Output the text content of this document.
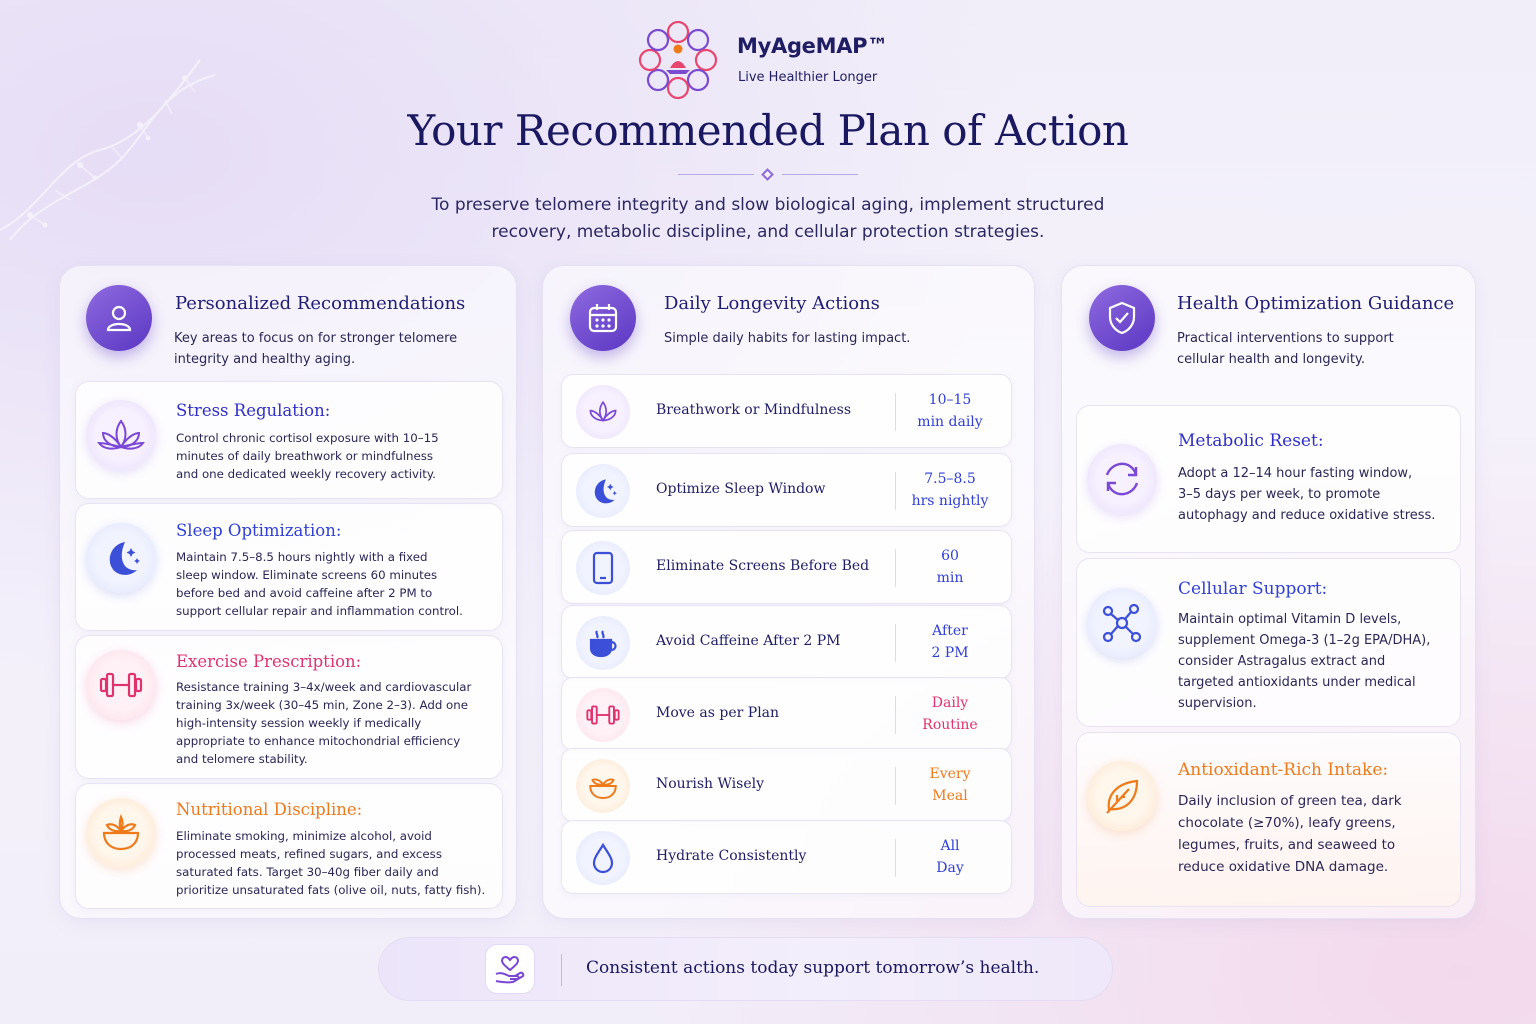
MyAgeMAP™
Live Healthier Longer
Your Recommended Plan of Action
To preserve telomere integrity and slow biological aging, implement structured
recovery, metabolic discipline, and cellular protection strategies.
Personalized Recommendations
Key areas to focus on for stronger telomere
integrity and healthy aging.
Stress Regulation:
Control chronic cortisol exposure with 10–15
minutes of daily breathwork or mindfulness
and one dedicated weekly recovery activity.
Sleep Optimization:
Maintain 7.5–8.5 hours nightly with a fixed
sleep window. Eliminate screens 60 minutes
before bed and avoid caffeine after 2 PM to
support cellular repair and inflammation control.
Exercise Prescription:
Resistance training 3–4x/week and cardiovascular
training 3x/week (30–45 min, Zone 2–3). Add one
high-intensity session weekly if medically
appropriate to enhance mitochondrial efficiency
and telomere stability.
Nutritional Discipline:
Eliminate smoking, minimize alcohol, avoid
processed meats, refined sugars, and excess
saturated fats. Target 30–40g fiber daily and
prioritize unsaturated fats (olive oil, nuts, fatty fish).
Daily Longevity Actions
Simple daily habits for lasting impact.
Breathwork or Mindfulness
10–15
min daily
Optimize Sleep Window
7.5–8.5
hrs nightly
Eliminate Screens Before Bed
60
min
Avoid Caffeine After 2 PM
After
2 PM
Move as per Plan
Daily
Routine
Nourish Wisely
Every
Meal
Hydrate Consistently
All
Day
Health Optimization Guidance
Practical interventions to support
cellular health and longevity.
Metabolic Reset:
Adopt a 12–14 hour fasting window,
3–5 days per week, to promote
autophagy and reduce oxidative stress.
Cellular Support:
Maintain optimal Vitamin D levels,
supplement Omega-3 (1–2g EPA/DHA),
consider Astragalus extract and
targeted antioxidants under medical
supervision.
Antioxidant-Rich Intake:
Daily inclusion of green tea, dark
chocolate (≥70%), leafy greens,
legumes, fruits, and seaweed to
reduce oxidative DNA damage.
Consistent actions today support tomorrow’s health.
